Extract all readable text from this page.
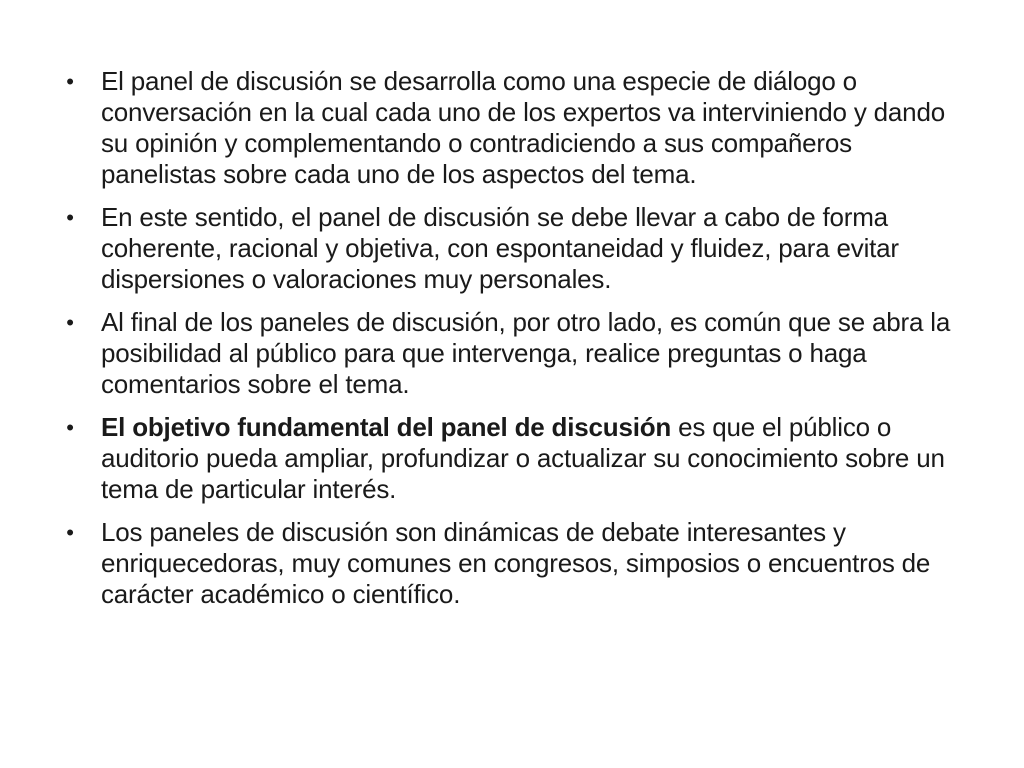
• El panel de discusión se desarrolla como una especie de diálogo o conversación en la cual cada uno de los expertos va interviniendo y dando su opinión y complementando o contradiciendo a sus compañeros panelistas sobre cada uno de los aspectos del tema.
• En este sentido, el panel de discusión se debe llevar a cabo de forma coherente, racional y objetiva, con espontaneidad y fluidez, para evitar dispersiones o valoraciones muy personales.
• Al final de los paneles de discusión, por otro lado, es común que se abra la posibilidad al público para que intervenga, realice preguntas o haga comentarios sobre el tema.
• El objetivo fundamental del panel de discusión es que el público o auditorio pueda ampliar, profundizar o actualizar su conocimiento sobre un tema de particular interés.
• Los paneles de discusión son dinámicas de debate interesantes y enriquecedoras, muy comunes en congresos, simposios o encuentros de carácter académico o científico.
